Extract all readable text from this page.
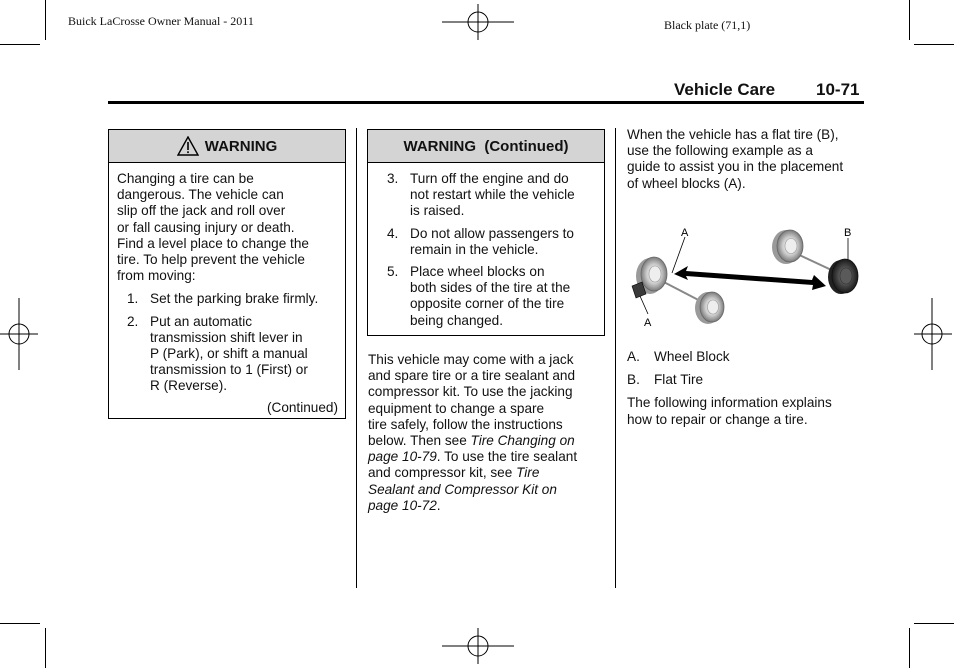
Buick LaCrosse Owner Manual - 2011	Black plate (71,1)
Vehicle Care 10-71
WARNING
Changing a tire can be
dangerous. The vehicle can
slip off the jack and roll over
or fall causing injury or death.
Find a level place to change the
tire. To help prevent the vehicle
from moving:
1. Set the parking brake firmly.
2. Put an automatic
transmission shift lever in
P (Park), or shift a manual
transmission to 1 (First) or
R (Reverse).
(Continued)
WARNING  (Continued)
3. Turn off the engine and do
not restart while the vehicle
is raised.
4. Do not allow passengers to
remain in the vehicle.
5. Place wheel blocks on
both sides of the tire at the
opposite corner of the tire
being changed.
This vehicle may come with a jack
and spare tire or a tire sealant and
compressor kit. To use the jacking
equipment to change a spare
tire safely, follow the instructions
below. Then see Tire Changing on
page 10-79. To use the tire sealant
and compressor kit, see Tire
Sealant and Compressor Kit on
page 10-72.
When the vehicle has a flat tire (B),
use the following example as a
guide to assist you in the placement
of wheel blocks (A).
A	B
A
A. Wheel Block
B. Flat Tire
The following information explains
how to repair or change a tire.
